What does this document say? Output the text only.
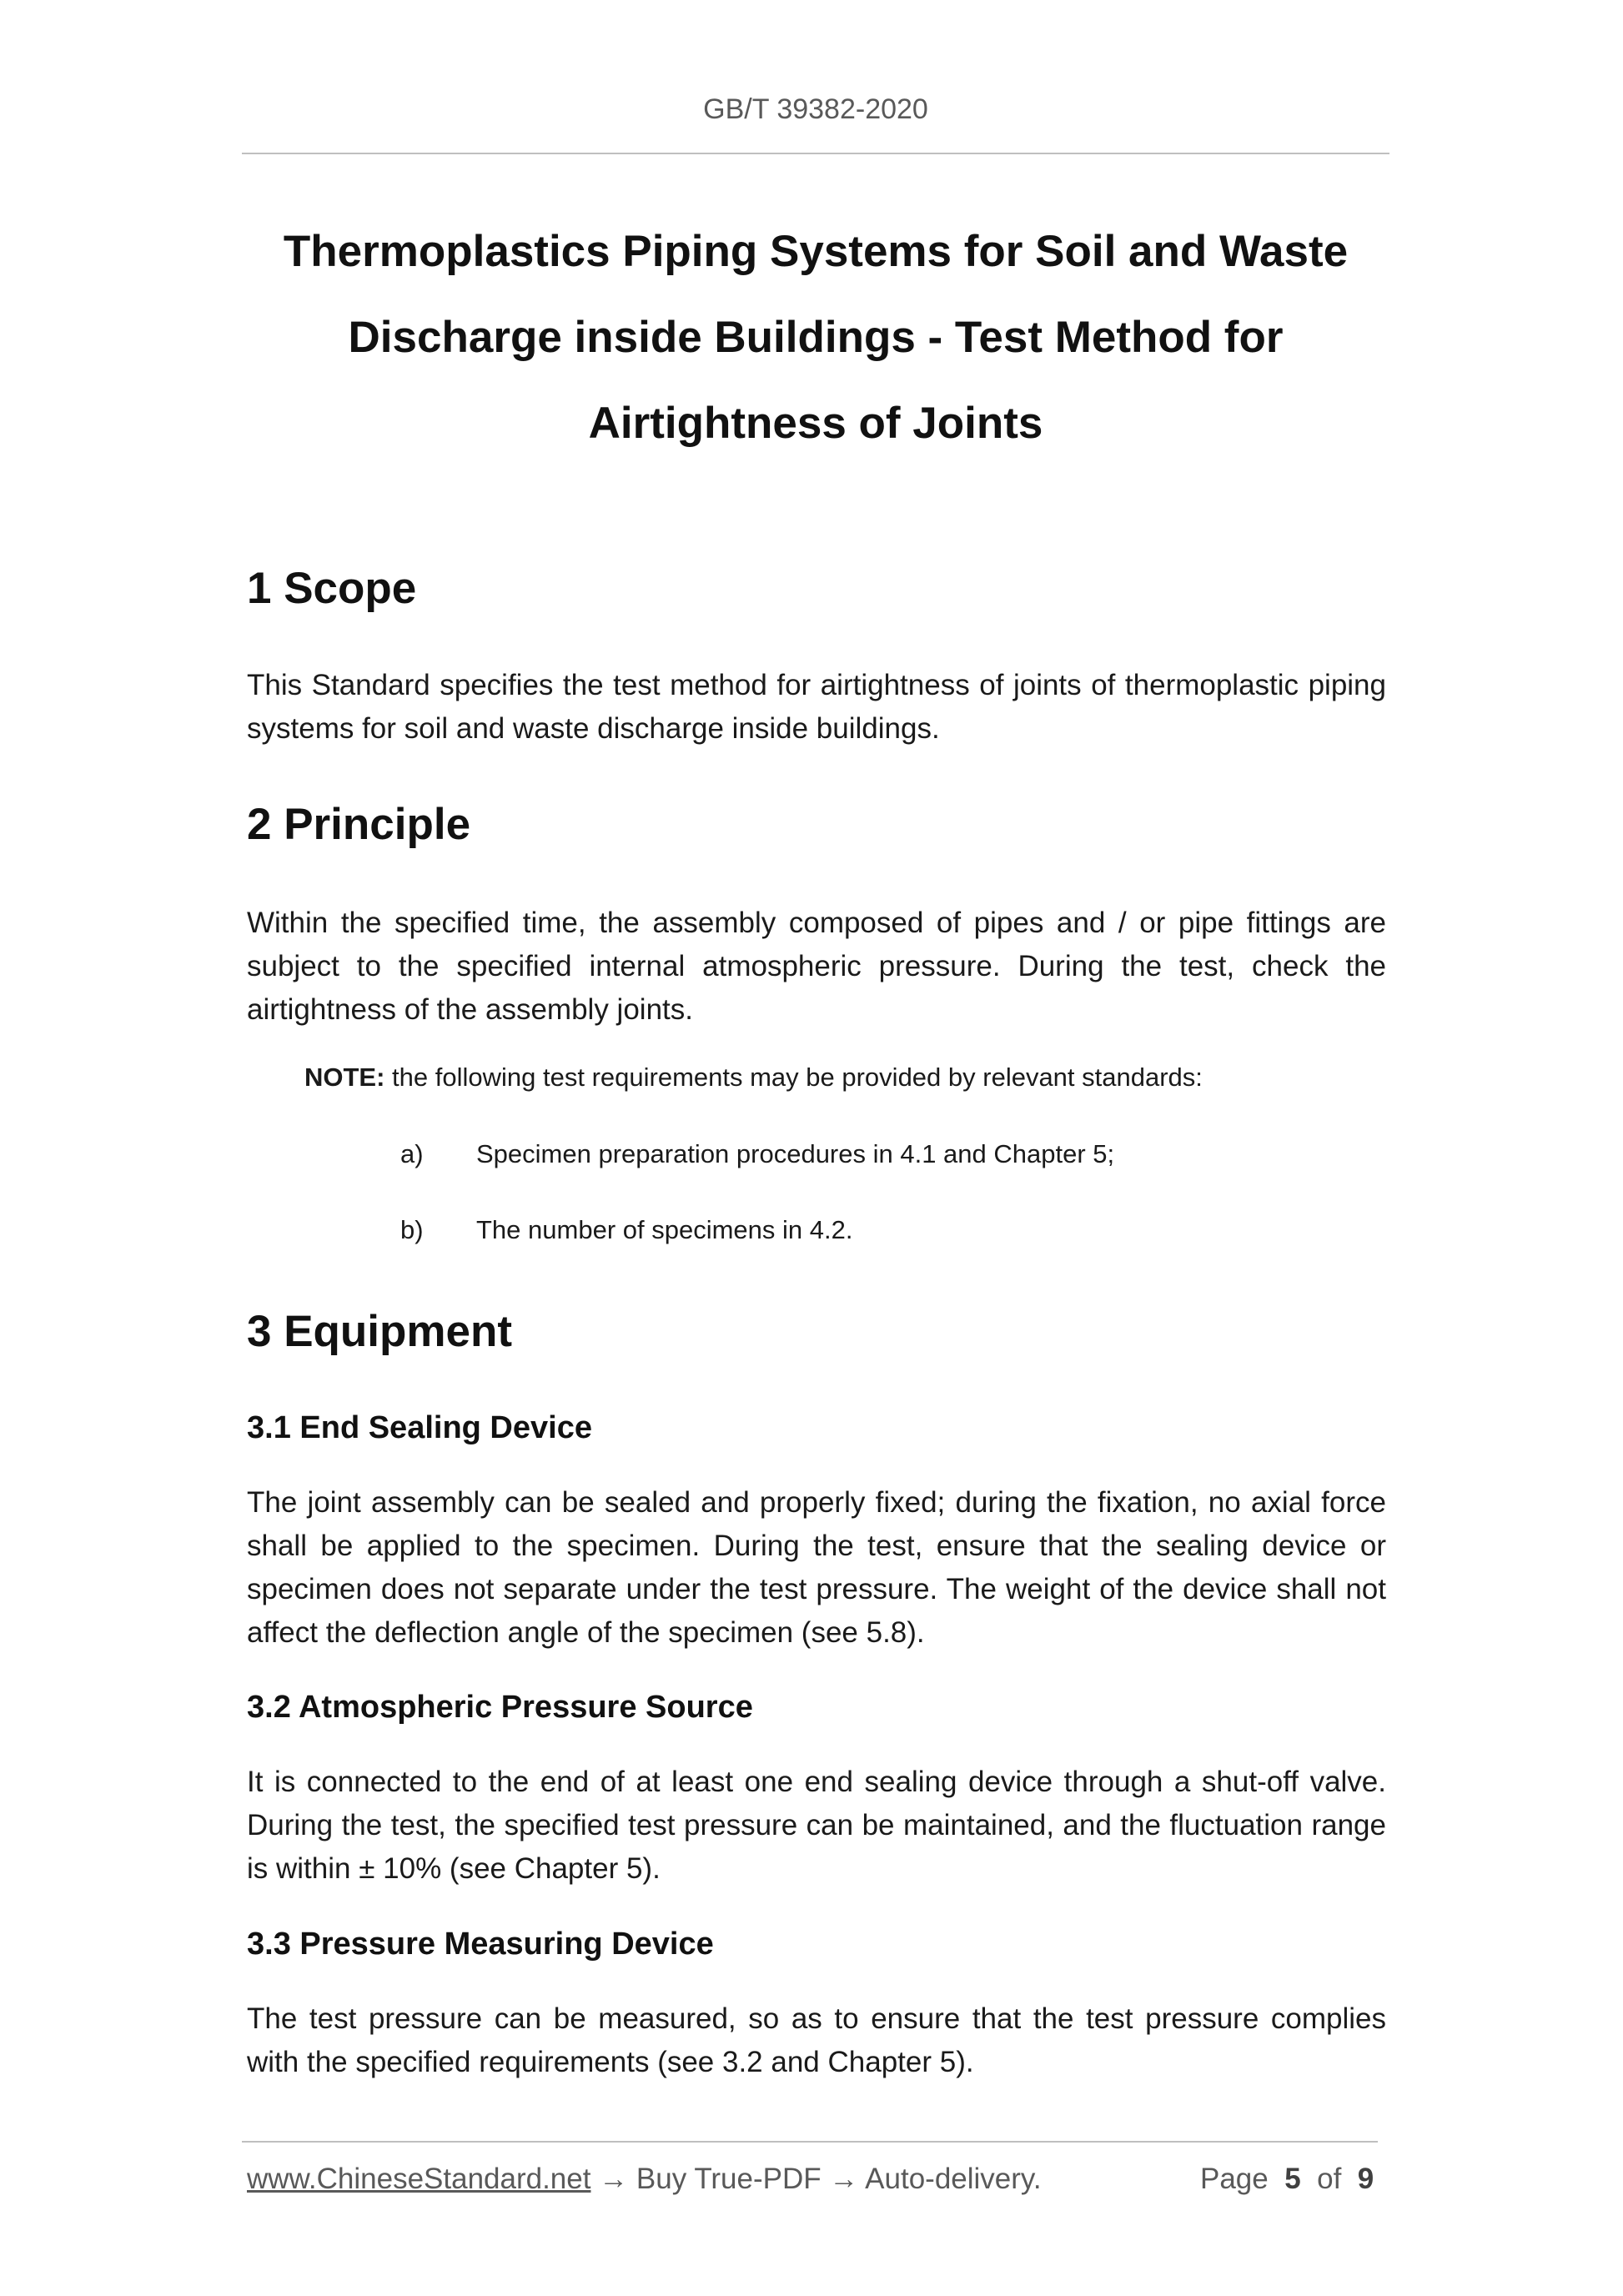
GB/T 39382-2020
Thermoplastics Piping Systems for Soil and Waste
Discharge inside Buildings - Test Method for
Airtightness of Joints
1 Scope
This Standard specifies the test method for airtightness of joints of thermoplastic piping systems for soil and waste discharge inside buildings.
2 Principle
Within the specified time, the assembly composed of pipes and / or pipe fittings are subject to the specified internal atmospheric pressure. During the test, check the airtightness of the assembly joints.
NOTE: the following test requirements may be provided by relevant standards:
a) Specimen preparation procedures in 4.1 and Chapter 5;
b) The number of specimens in 4.2.
3 Equipment
3.1 End Sealing Device
The joint assembly can be sealed and properly fixed; during the fixation, no axial force shall be applied to the specimen. During the test, ensure that the sealing device or specimen does not separate under the test pressure. The weight of the device shall not affect the deflection angle of the specimen (see 5.8).
3.2 Atmospheric Pressure Source
It is connected to the end of at least one end sealing device through a shut-off valve. During the test, the specified test pressure can be maintained, and the fluctuation range is within ± 10% (see Chapter 5).
3.3 Pressure Measuring Device
The test pressure can be measured, so as to ensure that the test pressure complies with the specified requirements (see 3.2 and Chapter 5).
www.ChineseStandard.net → Buy True-PDF → Auto-delivery.	Page 5 of 9
